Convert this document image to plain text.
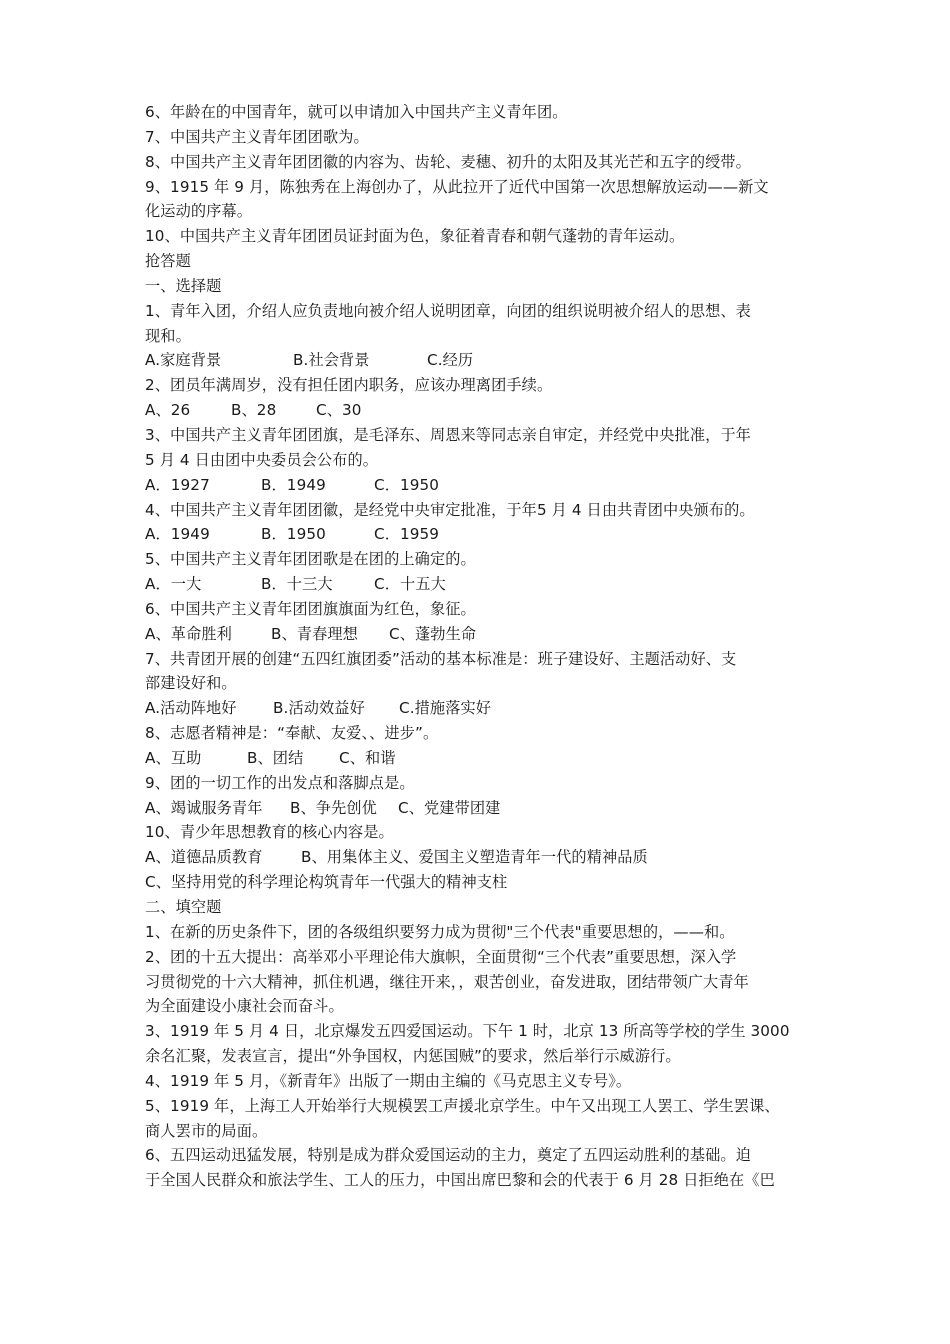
6、年龄在的中国青年，就可以申请加入中国共产主义青年团。
7、中国共产主义青年团团歌为。
8、中国共产主义青年团团徽的内容为、齿轮、麦穗、初升的太阳及其光芒和五字的绶带。
9、1915 年 9 月，陈独秀在上海创办了，从此拉开了近代中国第一次思想解放运动——新文
化运动的序幕。
10、中国共产主义青年团团员证封面为色，象征着青春和朝气蓬勃的青年运动。
抢答题
一、选择题
1、青年入团，介绍人应负责地向被介绍人说明团章，向团的组织说明被介绍人的思想、表
现和。
A.家庭背景	B.社会背景	C.经历
2、团员年满周岁，没有担任团内职务，应该办理离团手续。
A、26	B、28	C、30
3、中国共产主义青年团团旗，是毛泽东、周恩来等同志亲自审定，并经党中央批准，于年
5 月 4 日由团中央委员会公布的。
A．1927	B．1949	C．1950
4、中国共产主义青年团团徽，是经党中央审定批准，于年5 月 4 日由共青团中央颁布的。
A．1949	B．1950	C．1959
5、中国共产主义青年团团歌是在团的上确定的。
A．一大	B．十三大	C．十五大
6、中国共产主义青年团团旗旗面为红色，象征。
A、革命胜利	B、青春理想 C、蓬勃生命
7、共青团开展的创建“五四红旗团委”活动的基本标准是：班子建设好、主题活动好、支
部建设好和。
A.活动阵地好 B.活动效益好 C.措施落实好
8、志愿者精神是：“奉献、友爱、、进步”。
A、互助	B、团结 C、和谐
9、团的一切工作的出发点和落脚点是。
A、竭诚服务青年 B、争先创优 C、党建带团建
10、青少年思想教育的核心内容是。
A、道德品质教育	B、用集体主义、爱国主义塑造青年一代的精神品质
C、坚持用党的科学理论构筑青年一代强大的精神支柱
二、填空题
1、在新的历史条件下，团的各级组织要努力成为贯彻"三个代表"重要思想的，——和。
2、团的十五大提出：高举邓小平理论伟大旗帜，全面贯彻“三个代表”重要思想，深入学
习贯彻党的十六大精神，抓住机遇，继往开来，，艰苦创业，奋发进取，团结带领广大青年
为全面建设小康社会而奋斗。
3、1919 年 5 月 4 日，北京爆发五四爱国运动。下午 1 时，北京 13 所高等学校的学生 3000
余名汇聚，发表宣言，提出“外争国权，内惩国贼”的要求，然后举行示威游行。
4、1919 年 5 月，《新青年》出版了一期由主编的《马克思主义专号》。
5、1919 年，上海工人开始举行大规模罢工声援北京学生。中午又出现工人罢工、学生罢课、
商人罢市的局面。
6、五四运动迅猛发展，特别是成为群众爱国运动的主力，奠定了五四运动胜利的基础。迫
于全国人民群众和旅法学生、工人的压力，中国出席巴黎和会的代表于 6 月 28 日拒绝在《巴
